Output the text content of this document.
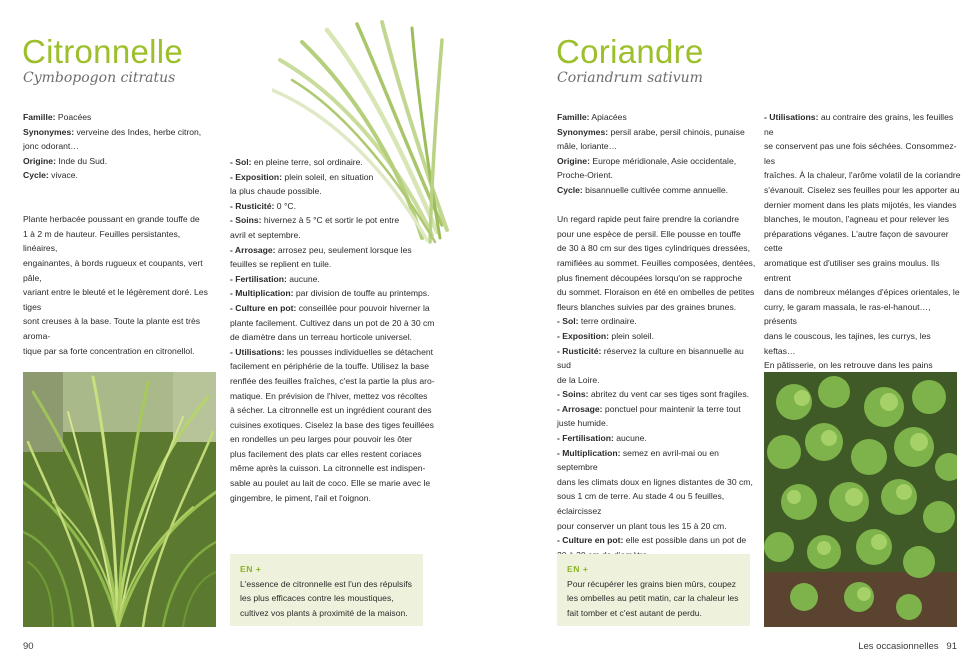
Citronnelle
Cymbopogon citratus

Famille: Poacées

Synonymes: verveine des Indes, herbe citron,

jonc odorant…

Origine: Inde du Sud.

Cycle: vivace.

Plante herbacée poussant en grande touffe de

1 à 2 m de hauteur. Feuilles persistantes, linéaires,

engainantes, à bords rugueux et coupants, vert pâle,

variant entre le bleuté et le légèrement doré. Les tiges

sont creuses à la base. Toute la plante est très aroma-

tique par sa forte concentration en citronellol.

- Sol: en pleine terre, sol ordinaire.

- Exposition: plein soleil, en situation

la plus chaude possible.

- Rusticité: 0 °C.

- Soins: hivernez à 5 °C et sortir le pot entre

avril et septembre.

- Arrosage: arrosez peu, seulement lorsque les

feuilles se replient en tuile.

- Fertilisation: aucune.

- Multiplication: par division de touffe au printemps.

- Culture en pot: conseillée pour pouvoir hiverner la

plante facilement. Cultivez dans un pot de 20 à 30 cm

de diamètre dans un terreau horticole universel.

- Utilisations: les pousses individuelles se détachent

facilement en périphérie de la touffe. Utilisez la base

renflée des feuilles fraîches, c'est la partie la plus aro-

matique. En prévision de l'hiver, mettez vos récoltes

à sécher. La citronnelle est un ingrédient courant des

cuisines exotiques. Ciselez la base des tiges feuillées

en rondelles un peu larges pour pouvoir les ôter

plus facilement des plats car elles restent coriaces

même après la cuisson. La citronnelle est indispen-

sable au poulet au lait de coco. Elle se marie avec le

gingembre, le piment, l'ail et l'oignon.

EN +

L'essence de citronnelle est l'un des répulsifs

les plus efficaces contre les moustiques,

cultivez vos plants à proximité de la maison.

90
Coriandre
Coriandrum sativum

Famille: Apiacées

Synonymes: persil arabe, persil chinois, punaise

mâle, loriante…

Origine: Europe méridionale, Asie occidentale,

Proche-Orient.

Cycle: bisannuelle cultivée comme annuelle.

Un regard rapide peut faire prendre la coriandre

pour une espèce de persil. Elle pousse en touffe

de 30 à 80 cm sur des tiges cylindriques dressées,

ramifiées au sommet. Feuilles composées, dentées,

plus finement découpées lorsqu'on se rapproche

du sommet. Floraison en été en ombelles de petites

fleurs blanches suivies par des graines brunes.

- Sol: terre ordinaire.

- Exposition: plein soleil.

- Rusticité: réservez la culture en bisannuelle au sud

de la Loire.

- Soins: abritez du vent car ses tiges sont fragiles.

- Arrosage: ponctuel pour maintenir la terre tout

juste humide.

- Fertilisation: aucune.

- Multiplication: semez en avril-mai ou en septembre

dans les climats doux en lignes distantes de 30 cm,

sous 1 cm de terre. Au stade 4 ou 5 feuilles, éclaircissez

pour conserver un plant tous les 15 à 20 cm.

- Culture en pot: elle est possible dans un pot de

- Utilisations: au contraire des grains, les feuilles ne

se conservent pas une fois séchées. Consommez-les

fraîches. À la chaleur, l'arôme volatil de la coriandre

s'évanouit. Ciselez ses feuilles pour les apporter au

dernier moment dans les plats mijotés, les viandes

blanches, le mouton, l'agneau et pour relever les

préparations véganes. L'autre façon de savourer cette

aromatique est d'utiliser ses grains moulus. Ils entrent

dans de nombreux mélanges d'épices orientales, le

curry, le garam massala, le ras-el-hanout…, présents

dans le couscous, les tajines, les currys, les keftas…

En pâtisserie, on les retrouve dans les pains

EN +

Pour récupérer les grains bien mûrs, coupez

les ombelles au petit matin, car la chaleur les

fait tomber et c'est autant de perdu.

Les occasionnelles 91
